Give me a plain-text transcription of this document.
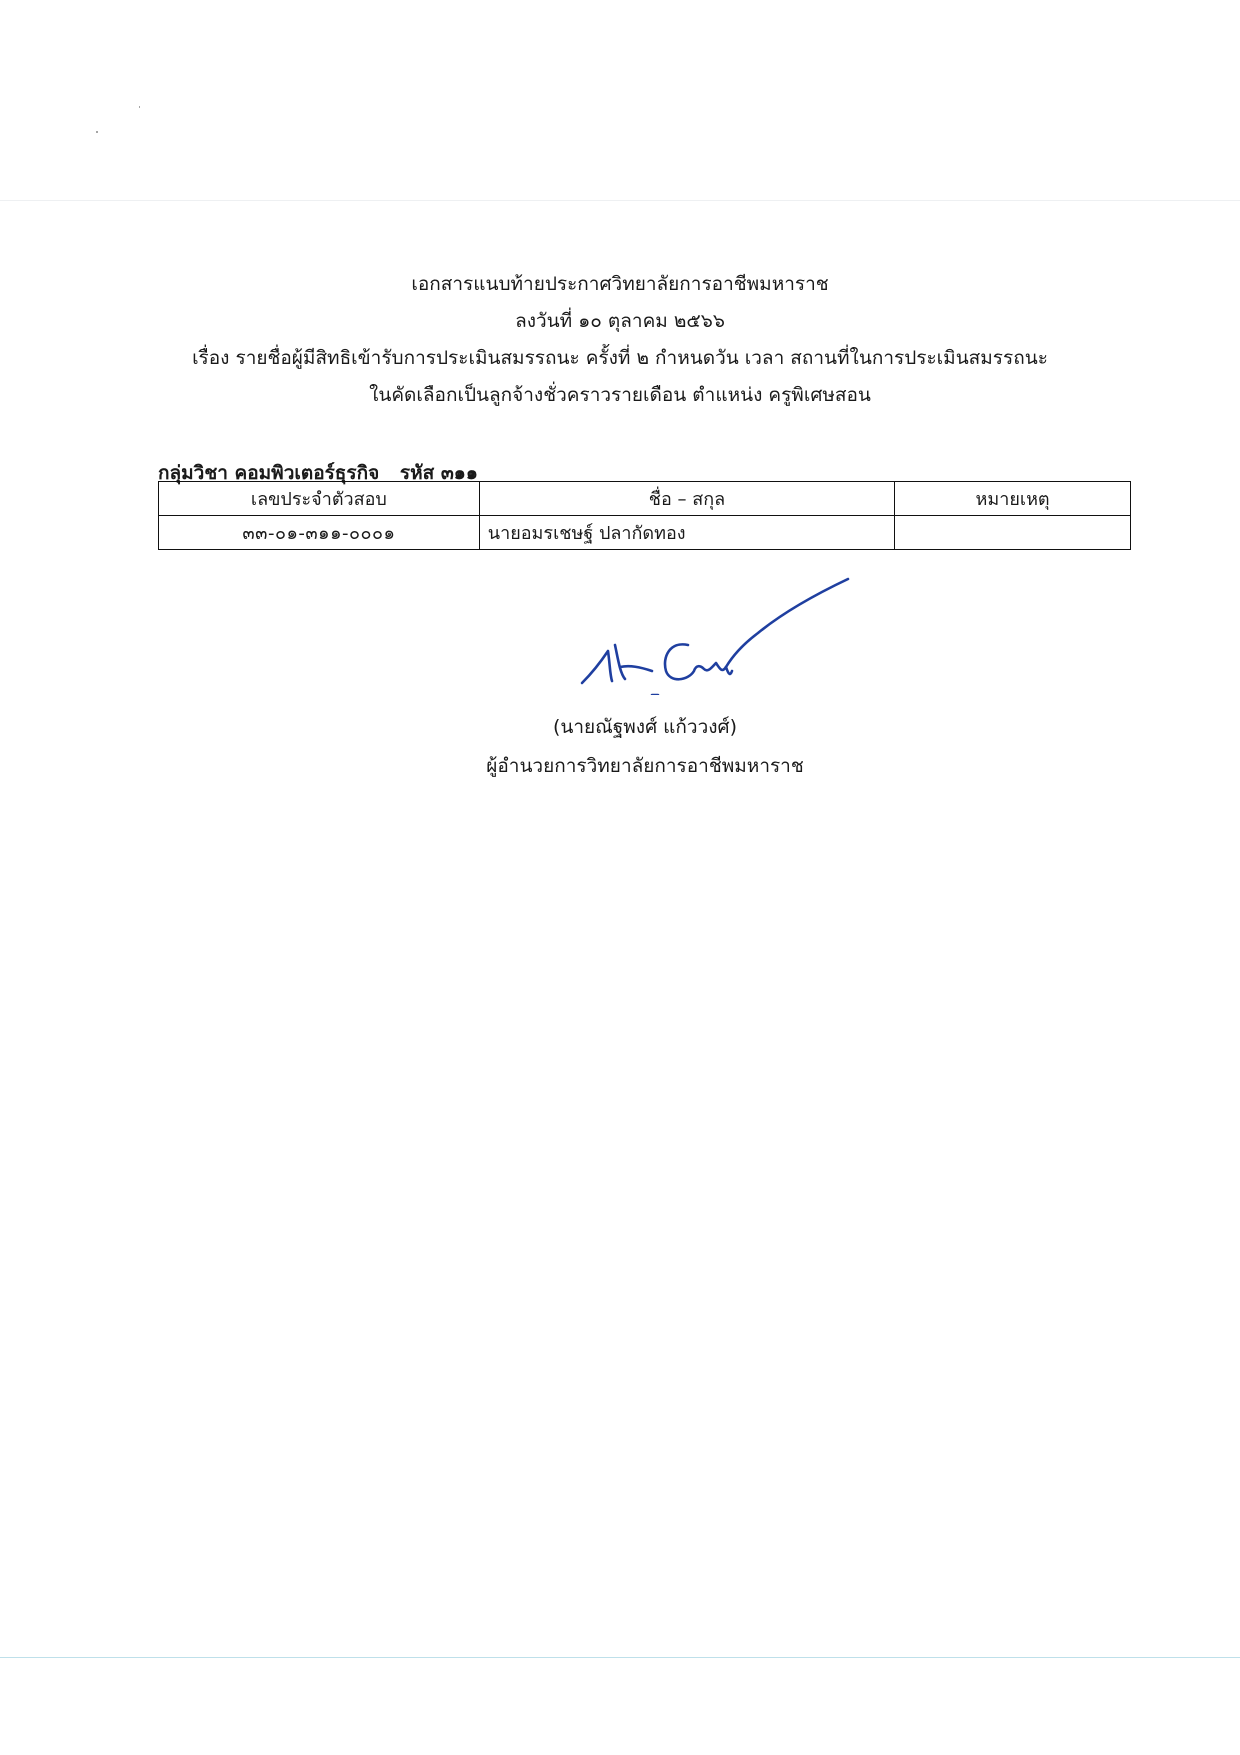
เอกสารแนบท้ายประกาศวิทยาลัยการอาชีพมหาราช
ลงวันที่ ๑๐ ตุลาคม ๒๕๖๖
เรื่อง รายชื่อผู้มีสิทธิเข้ารับการประเมินสมรรถนะ ครั้งที่ ๒ กำหนดวัน เวลา สถานที่ในการประเมินสมรรถนะ
ในคัดเลือกเป็นลูกจ้างชั่วคราวรายเดือน ตำแหน่ง ครูพิเศษสอน
กลุ่มวิชา คอมพิวเตอร์ธุรกิจ รหัส ๓๑๑
เลขประจำตัวสอบ	ชื่อ – สกุล	หมายเหตุ
๓๓-๐๑-๓๑๑-๐๐๐๑	นายอมรเชษฐ์ ปลากัดทอง	
(นายณัฐพงศ์ แก้ววงศ์)
ผู้อำนวยการวิทยาลัยการอาชีพมหาราช
